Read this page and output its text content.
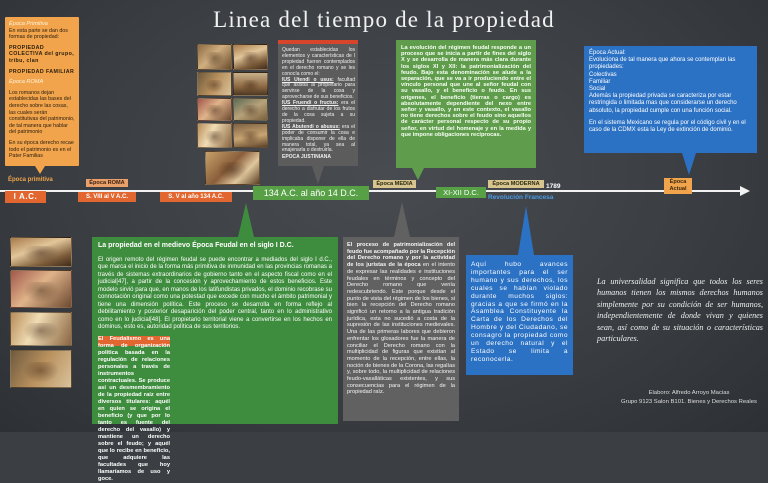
Linea del tiempo de la propiedad

Época Primitiva

En esta parte se dan dos formas de propiedad:

PROPIEDAD COLECTIVA del grupo, tribu, clan

PROPIEDAD FAMILIAR

Época ROMA

Los romanos dejan establecidas las bases del derecho sobre las cosas, las cuales serán constitutivas del patrimonio, de tal manera que hablar del patrimonio

En su época derecho recae todo el patrimonio es en el Pater Familias

Quedan establecidas los elementos y características de l propiedad fueron contemplados en el derecho romano y se les conocía como el:

IUS Utendi o usus: facultad que asistía al propietario para servirse de la cosa y aprovecharse de sus beneficios.

IUS Fruendi o fructus: era el derecho a disfrutar de los frutos de la cosa sujeta a su propiedad.

IUS Abutendi o abusus: era el poder de consumir la cosa e implicaba disponer de ella de manera total, ya sea al enajenarla o destruirla.

EPOCA JUSTINIANA

La evolución del régimen feudal responde a un proceso que se inicia a partir de fines del siglo X y se desarrolla de manera más clara durante los siglos XI y XII: la patrimonialización del feudo. Bajo esta denominación se alude a la separación, que se va a ir produciendo entre el vínculo personal que une al señor feudal con su vasallo, y el beneficio o feudo. En sus orígenes, el beneficio (tierras o cargo) es absolutamente dependiente del nexo entre señor y vasallo, y en este contexto, el vasallo no tiene derechos sobre el feudo sino aquellos de carácter personal respecto de su propio señor, en virtud del homenaje y en la medida y que impone obligaciones recíprocas.

Época Actual:

Evoluciona de tal manera que ahora se contemplan las propiedades:

Colectivas

Familiar

Social

Además la propiedad privada se caracteriza por estar restringida o limitada mas que considerarse un derecho absoluto, la propiedad cumple con una función social.

En el sistema Mexicano se regula por el código civil y en el caso de la CDMX esta la Ley de extinción de dominio.

Época primitiva	Época ROMA	Época MEDIA	Época MODERNA	Época Actual
I A.C.	S. VIII al V A.C.	S. V al año 134 A.C.	134 A.C. al año 14 D.C.	XI-XII D.C.
1789
Revolución Francesa

La propiedad en el medievo Época Feudal en el siglo I D.C.

El origen remoto del régimen feudal se puede encontrar a mediados del siglo I d.C., que marca el inicio de la forma más primitiva de inmunidad en las provincias romanas a través de sistemas extraordinarios de gobierno tanto en el aspecto fiscal como en el judicial[47], a partir de la concesión y aprovechamiento de estos beneficios. Este modelo sirvió para que, en manos de los latifundistas privados, el dominio recobrase su connotación original como una potestad que excede con mucho el ámbito patrimonial y tiene una dimensión política. Este proceso se desarrolla en forma reflejo al debilitamiento y posterior desaparición del poder central, tanto en lo administrativo como en lo judicial[48]. El propietario territorial viene a convertirse en los hechos en dominus, esto es, autoridad política de sus territorios.

El Feudalismo es una forma de organización política basada en la regulación de relaciones personales a través de instrumentos contractuales. Se produce así un desmembramiento de la propiedad raíz entre diversos titulares: aquél en quien se origina el beneficio (y que por lo tanto es fuente del derecho del vasallo) y mantiene un derecho sobre el feudo; y aquél que lo recibe en beneficio, que adquiere las facultades que hoy llamaríamos de uso y goce.

El proceso de patrimonialización del feudo fue acompañado por la Recepción del Derecho romano y por la actividad de los juristas de la época en el intento de expresar las realidades e instituciones feudales en términos y concepto del Derecho romano que venía redescubriendo. Este porque desde el punto de vista del régimen de los bienes, si bien la recepción del Derecho romano significó un retorno a la antigua tradición jurídica, esta no sucedió a costa de la supresión de las instituciones medievales. Una de las primeras labores que debieron enfrentar los glosadores fue la manera de conciliar el Derecho romano con la multiplicidad de figuras que existían al momento de la recepción, entre ellas, la noción de bienes de la Corona, las regalías y, sobre todo, la multiplicidad de relaciones feudo-vasalláticas existentes, y sus consecuencias para el régimen de la propiedad raíz.

Aquí hubo avances importantes para el ser humano y sus derechos, los cuales se habían violado durante muchos siglos: gracias a que se firmó en la Asamblea Constituyente la Carta de los Derechos del Hombre y del Ciudadano, se consagro la propiedad como un derecho natural y el Estado se limita a reconocerla.

La universalidad significa que todos los seres humanos tienen los mismos derechos humanos simplemente por su condición de ser humanos, independientemente de donde vivan y quienes sean, así como de su situación o características particulares.

Elaboro: Alfredo Arroyo Macias

Grupo 9123 Salon B101. Bienes y Derechos Reales
